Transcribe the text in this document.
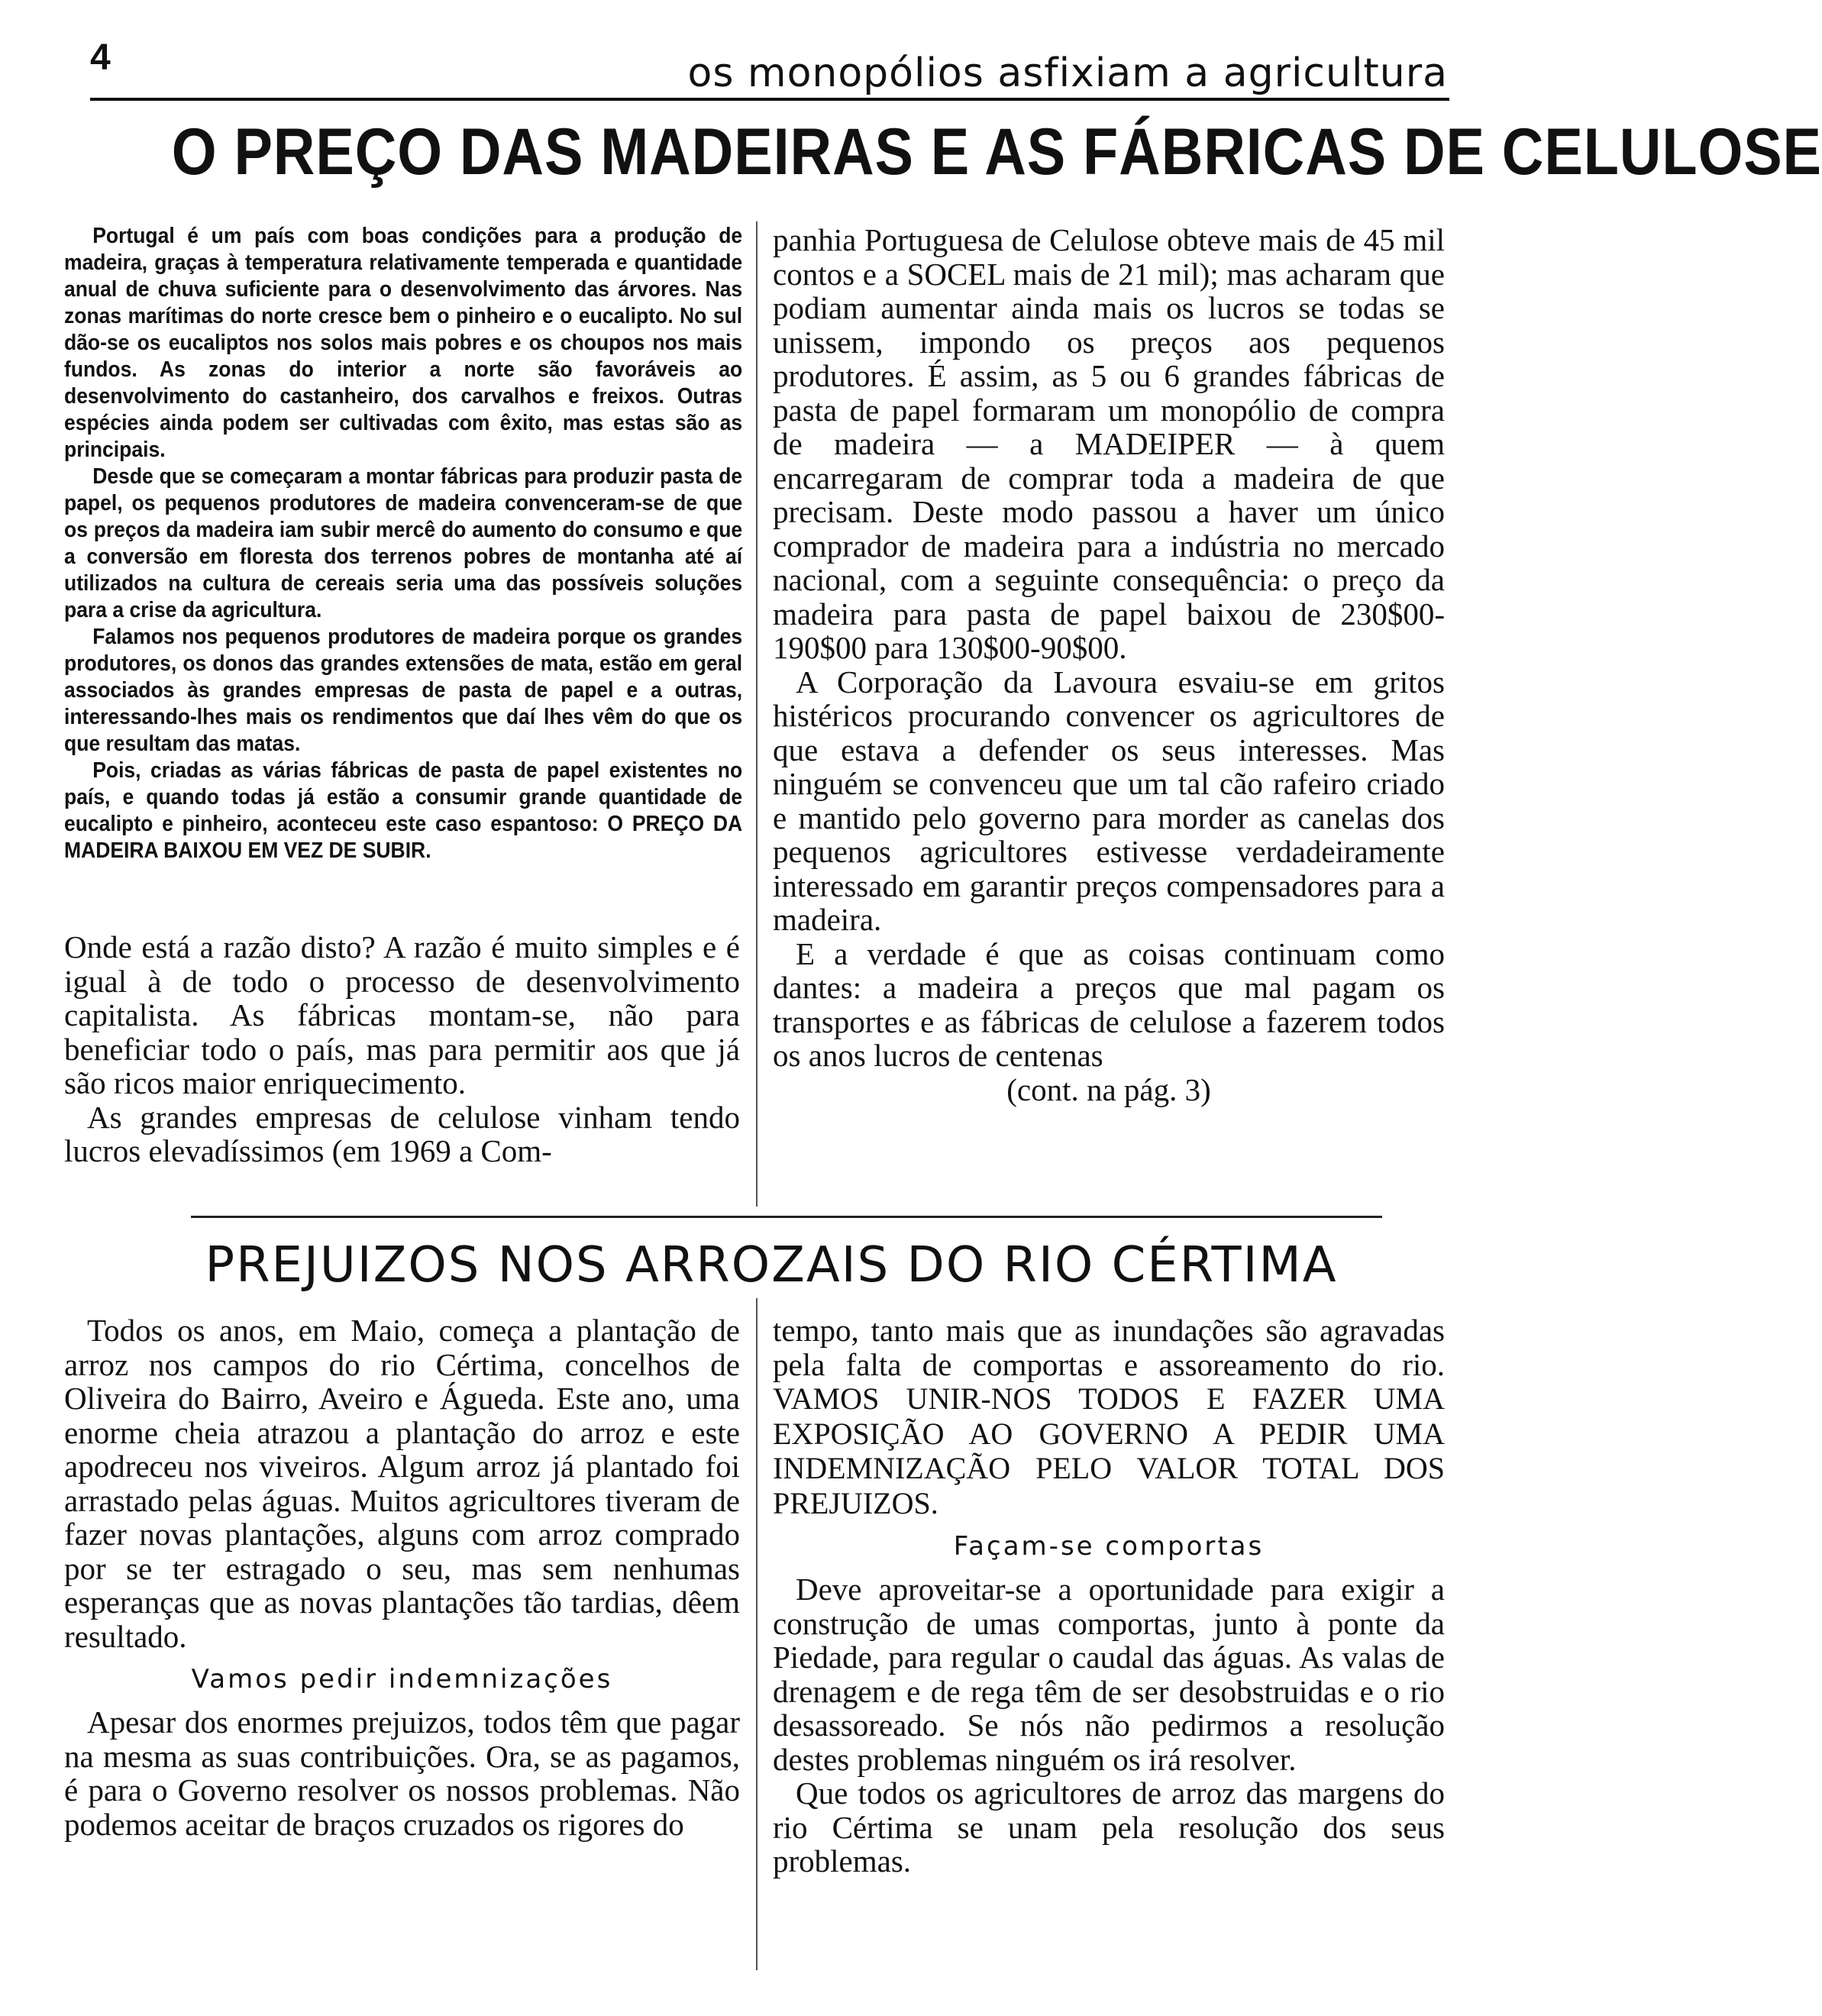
4	os monopólios asfixiam a agricultura
O PREÇO DAS MADEIRAS E AS FÁBRICAS DE CELULOSE

Portugal é um país com boas condições para a produção de madeira, graças à temperatura relativamente temperada e quantidade anual de chuva suficiente para o desenvolvimento das árvores. Nas zonas marítimas do norte cresce bem o pinheiro e o eucalipto. No sul dão-se os eucaliptos nos solos mais pobres e os choupos nos mais fundos. As zonas do interior a norte são favoráveis ao desenvolvimento do castanheiro, dos carvalhos e freixos. Outras espécies ainda podem ser cultivadas com êxito, mas estas são as principais.

Desde que se começaram a montar fábricas para produzir pasta de papel, os pequenos produtores de madeira convenceram-se de que os preços da madeira iam subir mercê do aumento do consumo e que a conversão em floresta dos terrenos pobres de montanha até aí utilizados na cultura de cereais seria uma das possíveis soluções para a crise da agricultura.

Falamos nos pequenos produtores de madeira porque os grandes produtores, os donos das grandes extensões de mata, estão em geral associados às grandes empresas de pasta de papel e a outras, interessando-lhes mais os rendimentos que daí lhes vêm do que os que resultam das matas.

Pois, criadas as várias fábricas de pasta de papel existentes no país, e quando todas já estão a consumir grande quantidade de eucalipto e pinheiro, aconteceu este caso espantoso: O PREÇO DA MADEIRA BAIXOU EM VEZ DE SUBIR.

Onde está a razão disto? A razão é muito simples e é igual à de todo o processo de desenvolvimento capitalista. As fábricas montam-se, não para beneficiar todo o país, mas para permitir aos que já são ricos maior enriquecimento.

As grandes empresas de celulose vinham tendo lucros elevadíssimos (em 1969 a Com-

panhia Portuguesa de Celulose obteve mais de 45 mil contos e a SOCEL mais de 21 mil); mas acharam que podiam aumentar ainda mais os lucros se todas se unissem, impondo os preços aos pequenos produtores. É assim, as 5 ou 6 grandes fábricas de pasta de papel formaram um monopólio de compra de madeira — a MADEIPER — à quem encarregaram de comprar toda a madeira de que precisam. Deste modo passou a haver um único comprador de madeira para a indústria no mercado nacional, com a seguinte consequência: o preço da madeira para pasta de papel baixou de 230$00-190$00 para 130$00-90$00.

A Corporação da Lavoura esvaiu-se em gritos histéricos procurando convencer os agricultores de que estava a defender os seus interesses. Mas ninguém se convenceu que um tal cão rafeiro criado e mantido pelo governo para morder as canelas dos pequenos agricultores estivesse verdadeiramente interessado em garantir preços compensadores para a madeira.

E a verdade é que as coisas continuam como dantes: a madeira a preços que mal pagam os transportes e as fábricas de celulose a fazerem todos os anos lucros de centenas

(cont. na pág. 3)

PREJUIZOS NOS ARROZAIS DO RIO CÉRTIMA

Todos os anos, em Maio, começa a plantação de arroz nos campos do rio Cértima, concelhos de Oliveira do Bairro, Aveiro e Águeda. Este ano, uma enorme cheia atrazou a plantação do arroz e este apodreceu nos viveiros. Algum arroz já plantado foi arrastado pelas águas. Muitos agricultores tiveram de fazer novas plantações, alguns com arroz comprado por se ter estragado o seu, mas sem nenhumas esperanças que as novas plantações tão tardias, dêem resultado.

Vamos pedir indemnizações

Apesar dos enormes prejuizos, todos têm que pagar na mesma as suas contribuições. Ora, se as pagamos, é para o Governo resolver os nossos problemas. Não podemos aceitar de braços cruzados os rigores do

tempo, tanto mais que as inundações são agravadas pela falta de comportas e assoreamento do rio. VAMOS UNIR-NOS TODOS E FAZER UMA EXPOSIÇÃO AO GOVERNO A PEDIR UMA INDEMNIZAÇÃO PELO VALOR TOTAL DOS PREJUIZOS.

Façam-se comportas

Deve aproveitar-se a oportunidade para exigir a construção de umas comportas, junto à ponte da Piedade, para regular o caudal das águas. As valas de drenagem e de rega têm de ser desobstruidas e o rio desassoreado. Se nós não pedirmos a resolução destes problemas ninguém os irá resolver.

Que todos os agricultores de arroz das margens do rio Cértima se unam pela resolução dos seus problemas.
